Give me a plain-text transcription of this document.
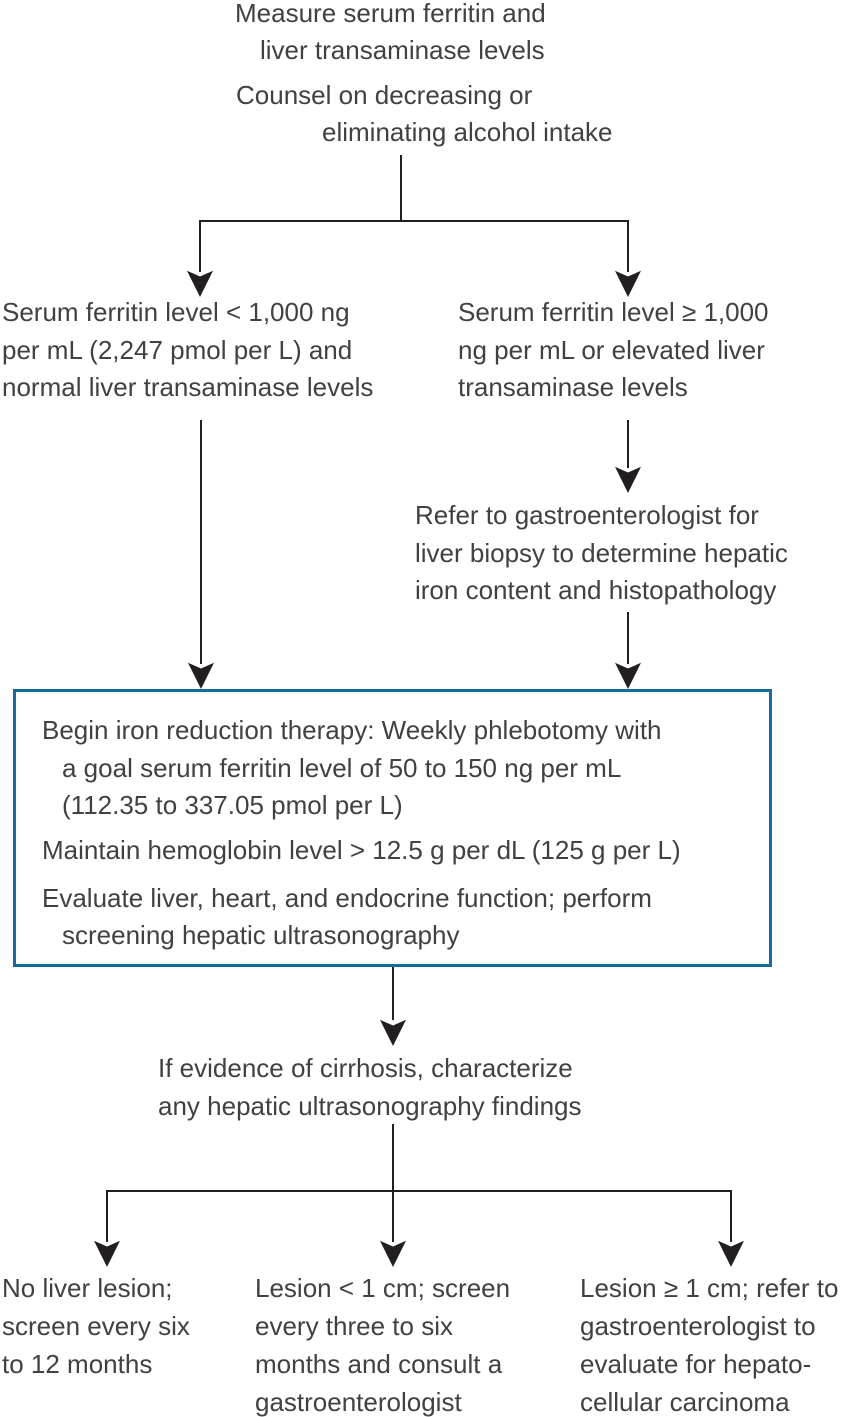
Measure serum ferritin and
liver transaminase levels
Counsel on decreasing or
eliminating alcohol intake
Serum ferritin level < 1,000 ng
per mL (2,247 pmol per L) and
normal liver transaminase levels
Serum ferritin level ≥ 1,000
ng per mL or elevated liver
transaminase levels
Refer to gastroenterologist for
liver biopsy to determine hepatic
iron content and histopathology
Begin iron reduction therapy: Weekly phlebotomy with
a goal serum ferritin level of 50 to 150 ng per mL
(112.35 to 337.05 pmol per L)
Maintain hemoglobin level > 12.5 g per dL (125 g per L)
Evaluate liver, heart, and endocrine function; perform
screening hepatic ultrasonography
If evidence of cirrhosis, characterize
any hepatic ultrasonography findings
No liver lesion;
screen every six
to 12 months
Lesion < 1 cm; screen
every three to six
months and consult a
gastroenterologist
Lesion ≥ 1 cm; refer to
gastroenterologist to
evaluate for hepato-
cellular carcinoma
